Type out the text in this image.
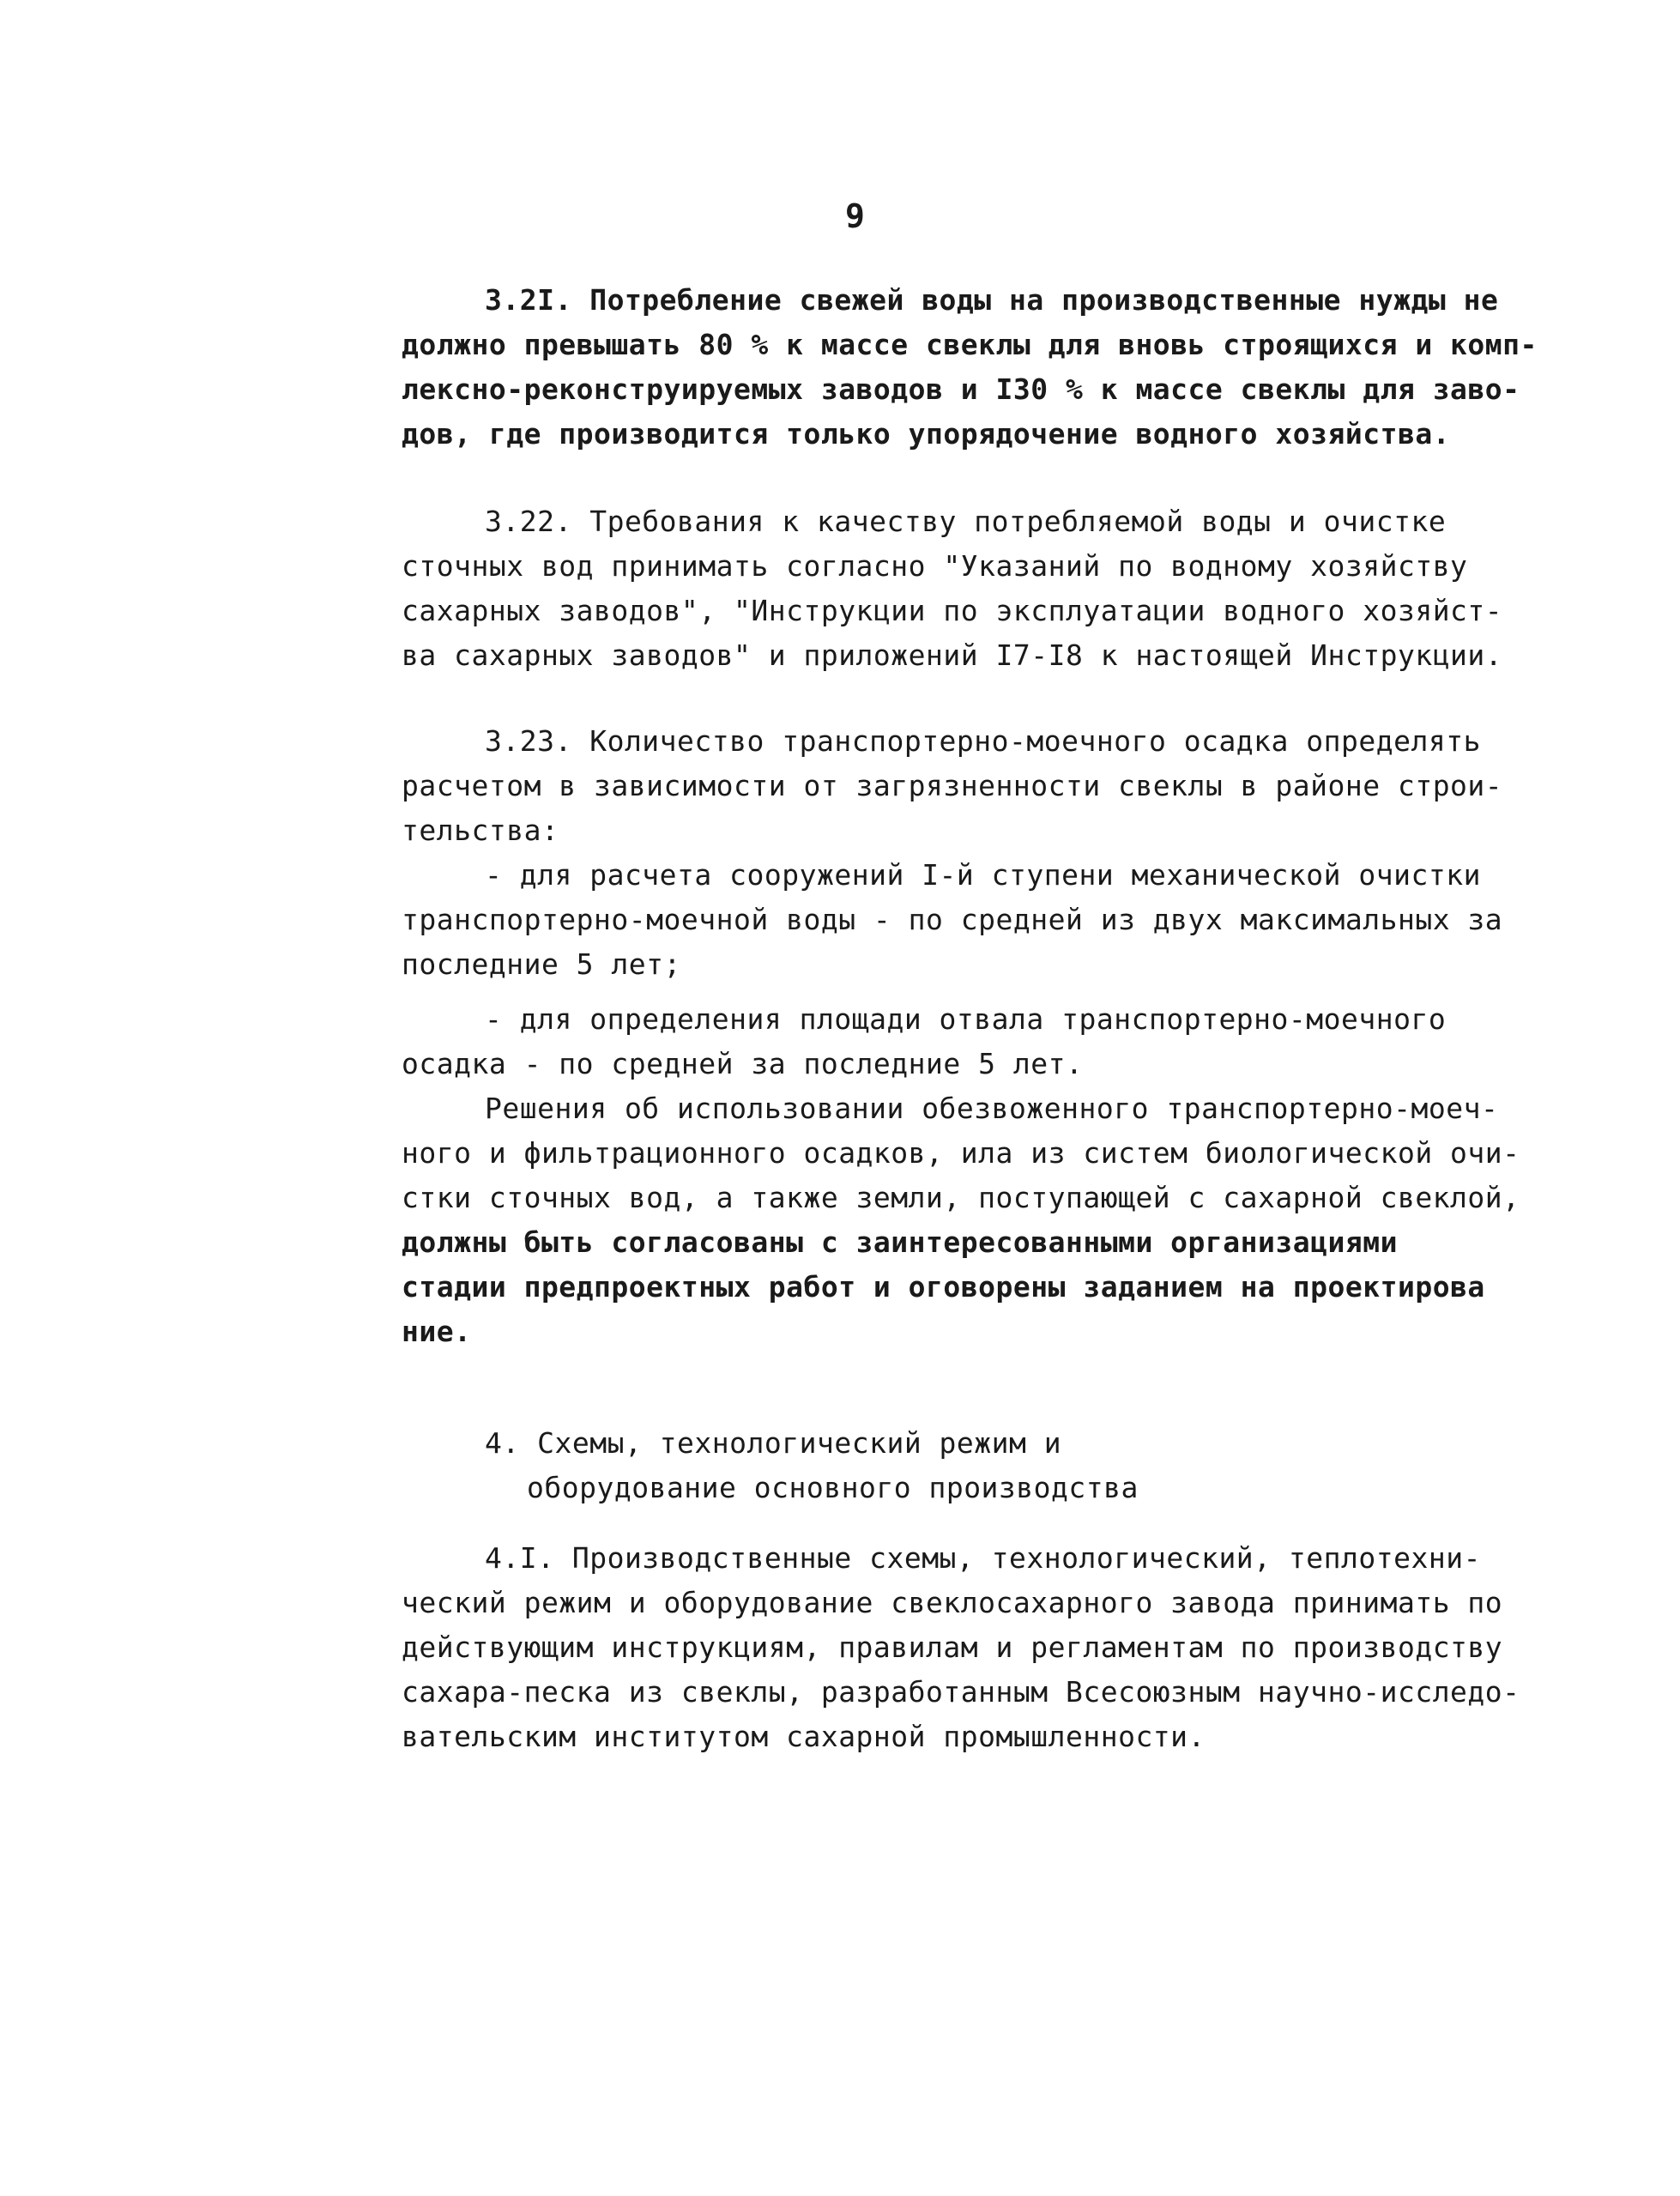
9
3.2I. Потребление свежей воды на производственные нужды не
должно превышать 80 % к массе свеклы для вновь строящихся и комп-
лексно-реконструируемых заводов и I30 % к массе свеклы для заво-
дов, где производится только упорядочение водного хозяйства.
3.22. Требования к качеству потребляемой воды и очистке
сточных вод принимать согласно "Указаний по водному хозяйству
сахарных заводов", "Инструкции по эксплуатации водного хозяйст-
ва сахарных заводов" и приложений I7-I8 к настоящей Инструкции.
3.23. Количество транспортерно-моечного осадка определять
расчетом в зависимости от загрязненности свеклы в районе строи-
тельства:
- для расчета сооружений I-й ступени механической очистки
транспортерно-моечной воды - по средней из двух максимальных за
последние 5 лет;
- для определения площади отвала транспортерно-моечного
осадка - по средней за последние 5 лет.
Решения об использовании обезвоженного транспортерно-моеч-
ного и фильтрационного осадков, ила из систем биологической очи-
стки сточных вод, а также земли, поступающей с сахарной свеклой,
должны быть согласованы с заинтересованными организациями
стадии предпроектных работ и оговорены заданием на проектирова
ние.
4. Схемы, технологический режим и
оборудование основного производства
4.I. Производственные схемы, технологический, теплотехни-
ческий режим и оборудование свеклосахарного завода принимать по
действующим инструкциям, правилам и регламентам по производству
сахара-песка из свеклы, разработанным Всесоюзным научно-исследо-
вательским институтом сахарной промышленности.
